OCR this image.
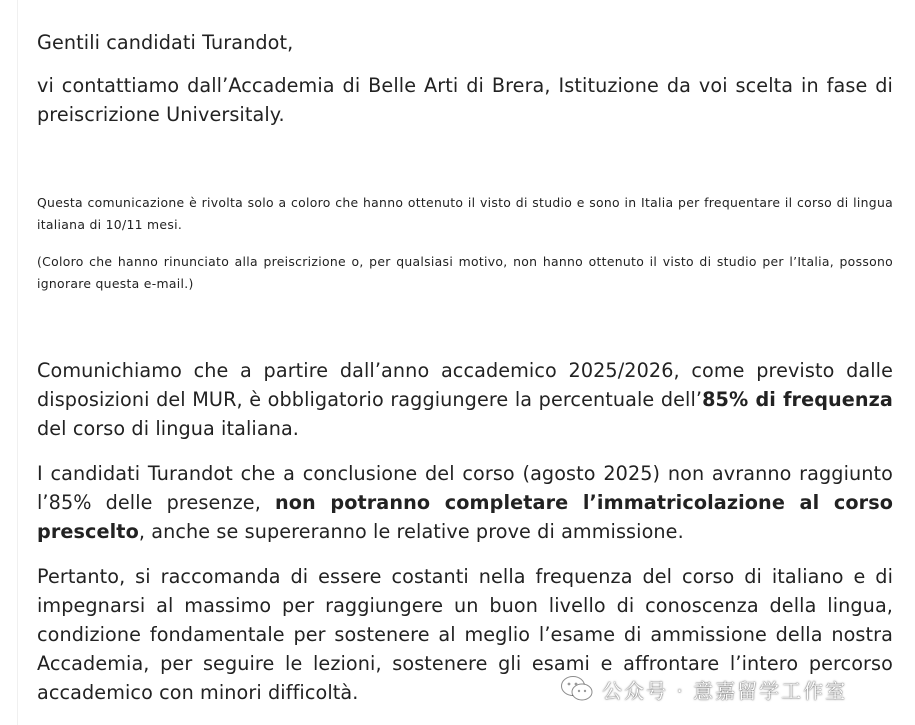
Gentili candidati Turandot,

vi contattiamo dall’Accademia di Belle Arti di Brera, Istituzione da voi scelta in fase di preiscrizione Universitaly.

Questa comunicazione è rivolta solo a coloro che hanno ottenuto il visto di studio e sono in Italia per frequentare il corso di lingua italiana di 10/11 mesi.

(Coloro che hanno rinunciato alla preiscrizione o, per qualsiasi motivo, non hanno ottenuto il visto di studio per l’Italia, possono ignorare questa e-mail.)

Comunichiamo che a partire dall’anno accademico 2025/2026, come previsto dalle disposizioni del MUR, è obbligatorio raggiungere la percentuale dell’85% di frequenza del corso di lingua italiana.

I candidati Turandot che a conclusione del corso (agosto 2025) non avranno raggiunto l’85% delle presenze, non potranno completare l’immatricolazione al corso prescelto, anche se supereranno le relative prove di ammissione.

Pertanto, si raccomanda di essere costanti nella frequenza del corso di italiano e di impegnarsi al massimo per raggiungere un buon livello di conoscenza della lingua, condizione fondamentale per sostenere al meglio l’esame di ammissione della nostra Accademia, per seguire le lezioni, sostenere gli esami e affrontare l’intero percorso accademico con minori difficoltà.	公众号 · 意嘉留学工作室
